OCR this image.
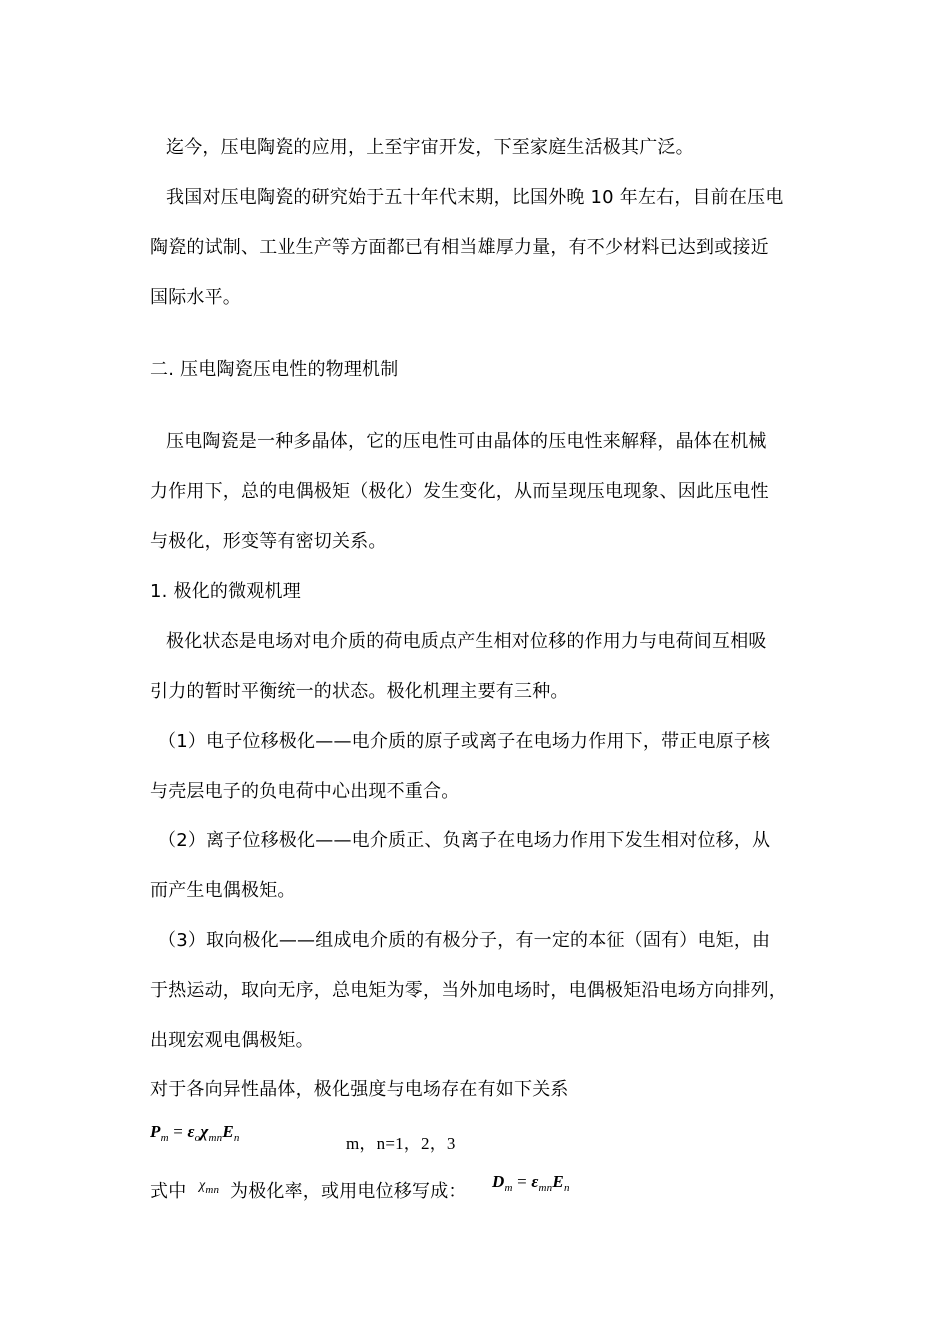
迄今，压电陶瓷的应用，上至宇宙开发，下至家庭生活极其广泛。
我国对压电陶瓷的研究始于五十年代末期，比国外晚 10 年左右，目前在压电
陶瓷的试制、工业生产等方面都已有相当雄厚力量，有不少材料已达到或接近
国际水平。
二. 压电陶瓷压电性的物理机制
压电陶瓷是一种多晶体，它的压电性可由晶体的压电性来解释，晶体在机械
力作用下，总的电偶极矩（极化）发生变化，从而呈现压电现象、因此压电性
与极化，形变等有密切关系。
1. 极化的微观机理
极化状态是电场对电介质的荷电质点产生相对位移的作用力与电荷间互相吸
引力的暂时平衡统一的状态。极化机理主要有三种。
（1）电子位移极化——电介质的原子或离子在电场力作用下，带正电原子核
与壳层电子的负电荷中心出现不重合。
（2）离子位移极化——电介质正、负离子在电场力作用下发生相对位移，从
而产生电偶极矩。
（3）取向极化——组成电介质的有极分子，有一定的本征（固有）电矩，由
于热运动，取向无序，总电矩为零，当外加电场时，电偶极矩沿电场方向排列，
出现宏观电偶极矩。
对于各向异性晶体，极化强度与电场存在有如下关系
$P_m = \varepsilon_o\chi_{mn}E_n$	m，n=1，2，3
式中 $\chi_{mn}$ 为极化率，或用电位移写成： $D_m = \varepsilon_{mn}E_n$
